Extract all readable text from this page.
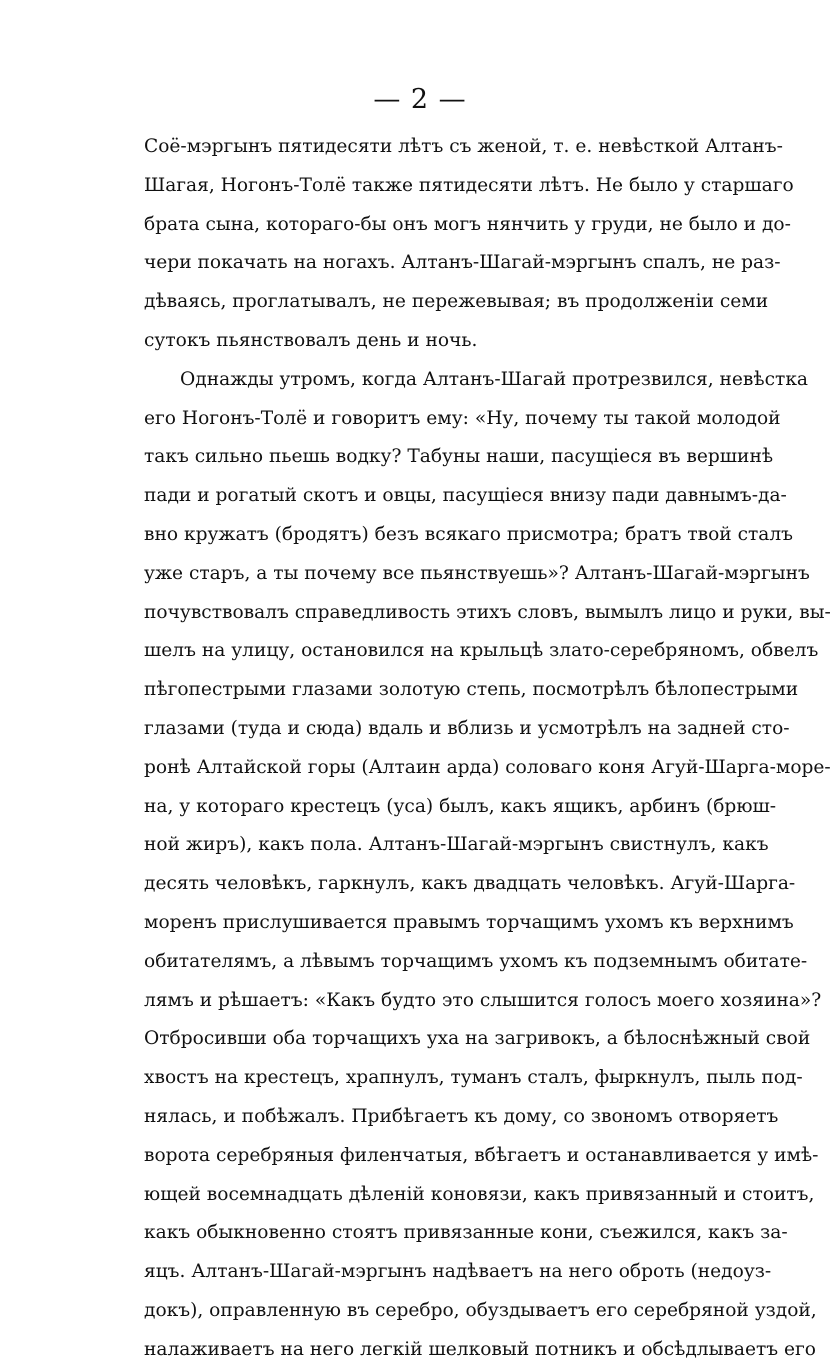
— 2 —
Соё-мэргынъ пятидесяти лѣтъ съ женой, т. е. невѣсткой Алтанъ-
Шагая, Ногонъ-Толё также пятидесяти лѣтъ. Не было у старшаго
брата сына, котораго-бы онъ могъ нянчить у груди, не было и до-
чери покачать на ногахъ. Алтанъ-Шагай-мэргынъ спалъ, не раз-
дѣваясь, проглатывалъ, не пережевывая; въ продолженіи семи
сутокъ пьянствовалъ день и ночь.
Однажды утромъ, когда Алтанъ-Шагай протрезвился, невѣстка
его Ногонъ-Толё и говоритъ ему: «Ну, почему ты такой молодой
такъ сильно пьешь водку? Табуны наши, пасущіеся въ вершинѣ
пади и рогатый скотъ и овцы, пасущіеся внизу пади давнымъ-да-
вно кружатъ (бродятъ) безъ всякаго присмотра; братъ твой сталъ
уже старъ, а ты почему все пьянствуешь»? Алтанъ-Шагай-мэргынъ
почувствовалъ справедливость этихъ словъ, вымылъ лицо и руки, вы-
шелъ на улицу, остановился на крыльцѣ злато-серебряномъ, обвелъ
пѣгопестрыми глазами золотую степь, посмотрѣлъ бѣлопестрыми
глазами (туда и сюда) вдаль и вблизь и усмотрѣлъ на задней сто-
ронѣ Алтайской горы (Алтаин арда) соловаго коня Агуй-Шарга-море-
на, у котораго крестецъ (уса) былъ, какъ ящикъ, арбинъ (брюш-
ной жиръ), какъ пола. Алтанъ-Шагай-мэргынъ свистнулъ, какъ
десять человѣкъ, гаркнулъ, какъ двадцать человѣкъ. Агуй-Шарга-
моренъ прислушивается правымъ торчащимъ ухомъ къ верхнимъ
обитателямъ, а лѣвымъ торчащимъ ухомъ къ подземнымъ обитате-
лямъ и рѣшаетъ: «Какъ будто это слышится голосъ моего хозяина»?
Отбросивши оба торчащихъ уха на загривокъ, а бѣлоснѣжный свой
хвостъ на крестецъ, храпнулъ, туманъ сталъ, фыркнулъ, пыль под-
нялась, и побѣжалъ. Прибѣгаетъ къ дому, со звономъ отворяетъ
ворота серебряныя филенчатыя, вбѣгаетъ и останавливается у имѣ-
ющей восемнадцать дѣленій коновязи, какъ привязанный и стоитъ,
какъ обыкновенно стоятъ привязанные кони, съежился, какъ за-
яцъ. Алтанъ-Шагай-мэргынъ надѣваетъ на него оброть (недоуз-
докъ), оправленную въ серебро, обуздываетъ его серебряной уздой,
налаживаетъ на него легкій шелковый потникъ и обсѣдлываетъ его
